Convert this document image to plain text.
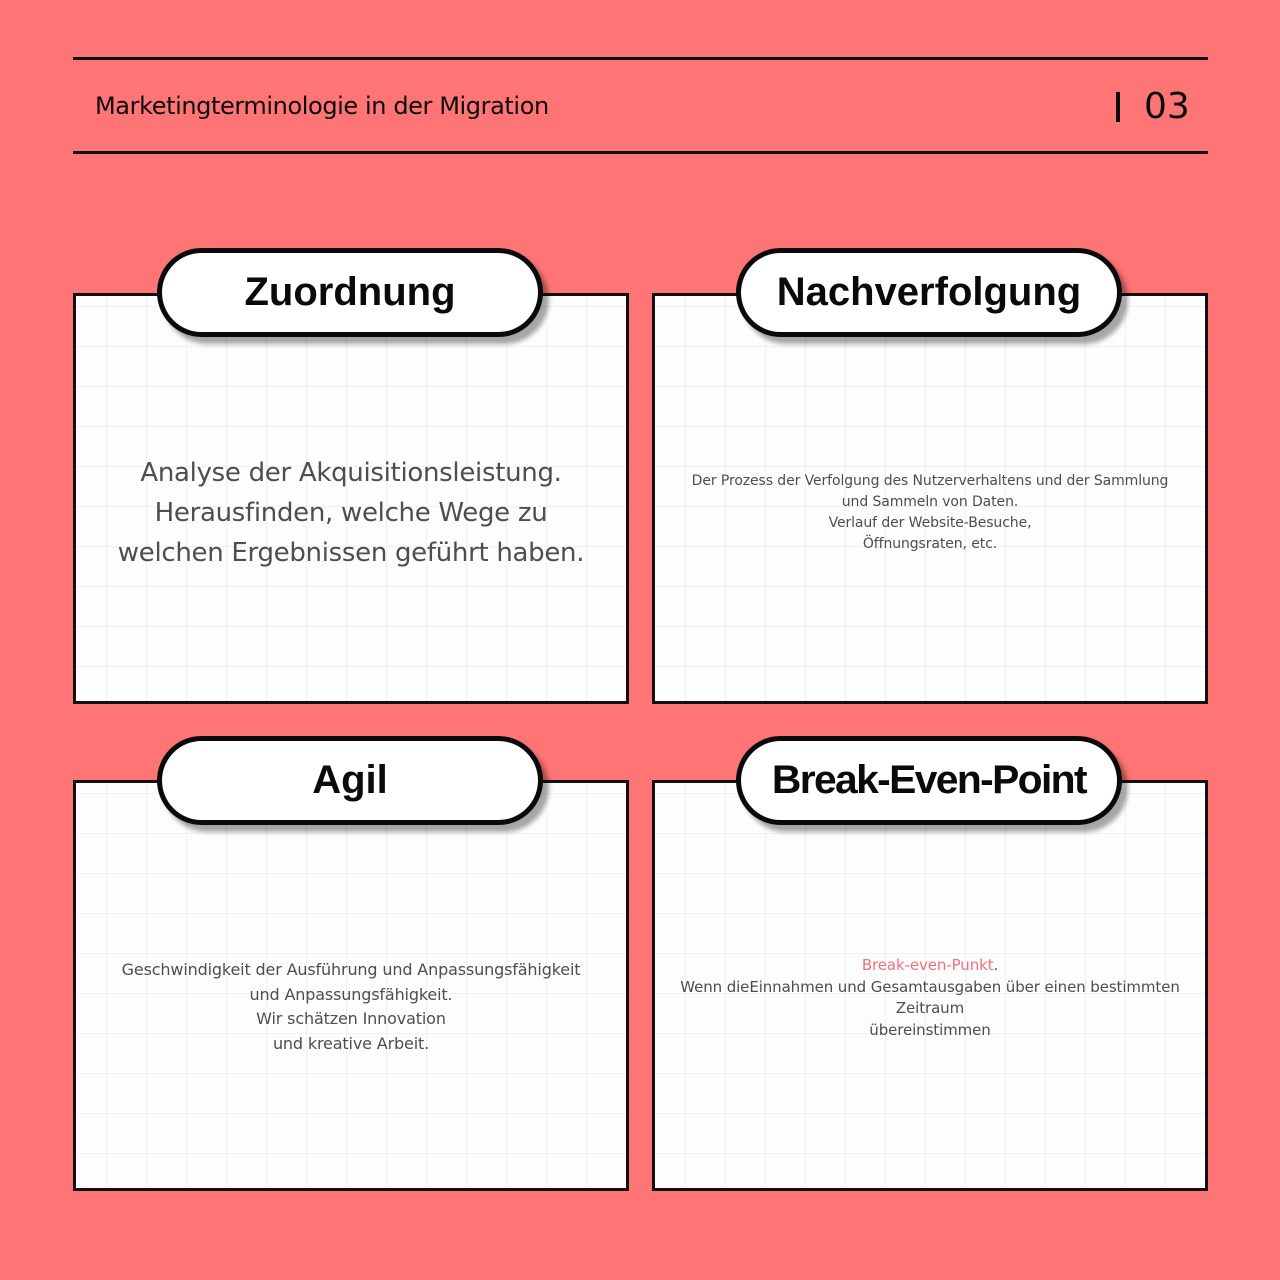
Marketingterminologie in der Migration	03
Zuordnung
Analyse der Akquisitionsleistung.
Herausfinden, welche Wege zu
welchen Ergebnissen geführt haben.
Nachverfolgung
Der Prozess der Verfolgung des Nutzerverhaltens und der Sammlung
und Sammeln von Daten.
Verlauf der Website-Besuche,
Öffnungsraten, etc.
Agil
Geschwindigkeit der Ausführung und Anpassungsfähigkeit
und Anpassungsfähigkeit.
Wir schätzen Innovation
und kreative Arbeit.
Break-Even-Point
Break-even-Punkt.
Wenn dieEinnahmen und Gesamtausgaben über einen bestimmten
Zeitraum
übereinstimmen
